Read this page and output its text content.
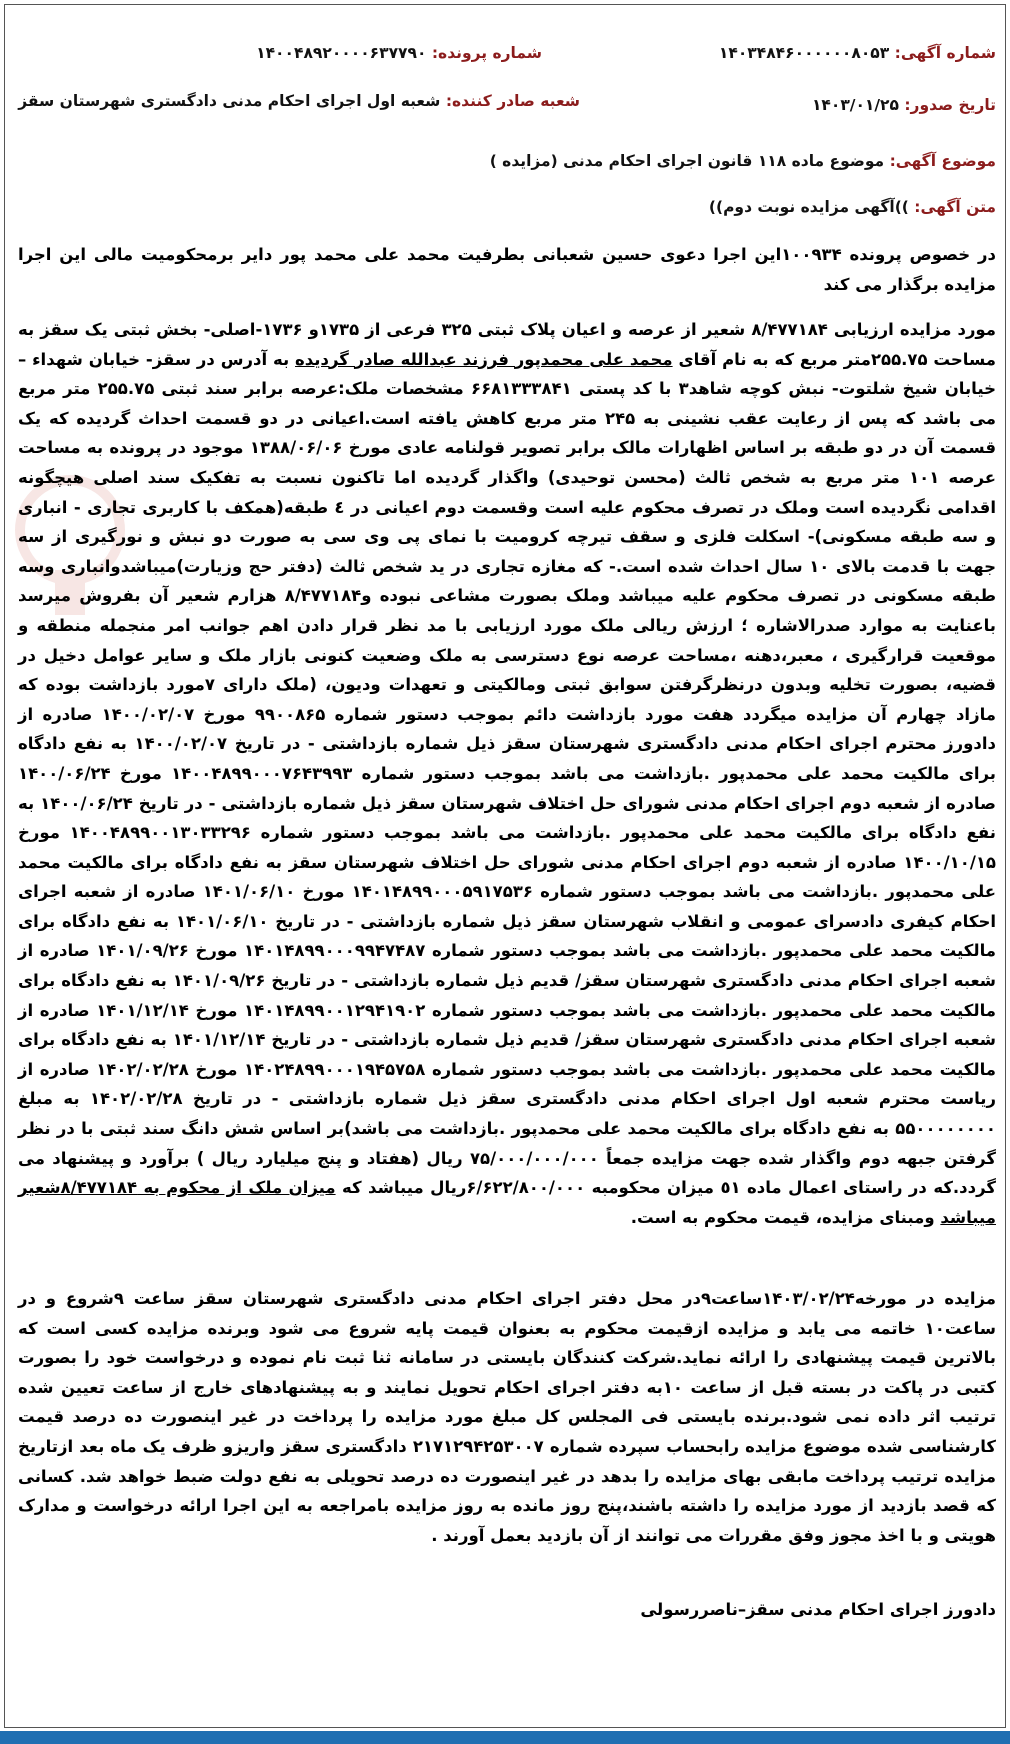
شماره آگهی: ۱۴۰۳۴۸۴۶۰۰۰۰۰۰۸۰۵۳
شماره پرونده: ۱۴۰۰۴۸۹۲۰۰۰۰۶۳۷۷۹۰
تاریخ صدور: ۱۴۰۳/۰۱/۲۵
شعبه صادر کننده: شعبه اول اجرای احکام مدنی دادگستری شهرستان سقز
موضوع آگهی: موضوع ماده ۱۱۸ قانون اجرای احکام مدنی (مزایده )
متن آگهی: ))آگهی مزایده نوبت دوم))
در خصوص پرونده ۱۰۰۹۳۴این اجرا دعوی حسین شعبانی بطرفیت محمد علی محمد پور دایر برمحکومیت مالی این اجرا مزایده برگذار می کند
مورد مزایده ارزیابی ۸/۴۷۷۱۸۴ شعیر از عرصه و اعیان پلاک ثبتی ۳۲۵ فرعی از ۱۷۳۵و ۱۷۳۶-اصلی- بخش ثبتی یک سقز به مساحت ۲۵۵.۷۵متر مربع که به نام آقای محمد علی محمدپور فرزند عبدالله صادر گردیده به آدرس در سقز- خیابان شهداء – خیابان شیخ شلتوت- نبش کوچه شاهد۳ با کد پستی ۶۶۸۱۳۳۳۸۴۱ مشخصات ملک:عرصه برابر سند ثبتی ۲۵۵.۷۵ متر مربع می باشد که پس از رعایت عقب نشینی به ۲۴۵ متر مربع کاهش یافته است.اعیانی در دو قسمت احداث گردیده که یک قسمت آن در دو طبقه بر اساس اظهارات مالک برابر تصویر قولنامه عادی مورخ ۱۳۸۸/۰۶/۰۶ موجود در پرونده به مساحت عرصه ۱۰۱ متر مربع به شخص ثالث (محسن توحیدی) واگذار گردیده اما تاکنون نسبت به تفکیک سند اصلی هیچگونه اقدامی نگردیده است وملک در تصرف محکوم علیه است وقسمت دوم اعیانی در ٤ طبقه(همکف با کاربری تجاری - انباری و سه طبقه مسکونی)- اسکلت فلزی و سقف تیرچه کرومیت با نمای پی وی سی به صورت دو نبش و نورگیری از سه جهت با قدمت بالای ۱۰ سال احداث شده است.- که مغازه تجاری در ید شخص ثالث (دفتر حج وزیارت)میباشدوانباری وسه طبقه مسکونی در تصرف محکوم علیه میباشد وملک بصورت مشاعی نبوده و۸/۴۷۷۱۸۴ هزارم شعیر آن بفروش میرسد باعنایت به موارد صدرالاشاره ؛ ارزش ریالی ملک مورد ارزیابی با مد نظر قرار دادن اهم جوانب امر منجمله منطقه و موقعیت قرارگیری ، معبر،دهنه ،مساحت عرصه نوع دسترسی به ملک وضعیت کنونی بازار ملک و سایر عوامل دخیل در قضیه، بصورت تخلیه وبدون درنظرگرفتن سوابق ثبتی ومالکیتی و تعهدات ودیون، (ملک دارای ۷مورد بازداشت بوده که مازاد چهارم آن مزایده میگردد هفت مورد بازداشت دائم بموجب دستور شماره ۹۹۰۰۸۶۵ مورخ ۱۴۰۰/۰۲/۰۷ صادره از دادورز محترم اجرای احکام مدنی دادگستری شهرستان سقز ذیل شماره بازداشتی - در تاریخ ۱۴۰۰/۰۲/۰۷ به نفع دادگاه برای مالکیت محمد علی محمدپور .بازداشت می باشد بموجب دستور شماره ۱۴۰۰۴۸۹۹۰۰۰۷۶۴۳۹۹۳ مورخ ۱۴۰۰/۰۶/۲۴ صادره از شعبه دوم اجرای احکام مدنی شورای حل اختلاف شهرستان سقز ذیل شماره بازداشتی - در تاریخ ۱۴۰۰/۰۶/۲۴ به نفع دادگاه برای مالکیت محمد علی محمدپور .بازداشت می باشد بموجب دستور شماره ۱۴۰۰۴۸۹۹۰۰۱۳۰۳۳۲۹۶ مورخ ۱۴۰۰/۱۰/۱۵ صادره از شعبه دوم اجرای احکام مدنی شورای حل اختلاف شهرستان سقز به نفع دادگاه برای مالکیت محمد علی محمدپور .بازداشت می باشد بموجب دستور شماره ۱۴۰۱۴۸۹۹۰۰۰۵۹۱۷۵۳۶ مورخ ۱۴۰۱/۰۶/۱۰ صادره از شعبه اجرای احکام کیفری دادسرای عمومی و انقلاب شهرستان سقز ذیل شماره بازداشتی - در تاریخ ۱۴۰۱/۰۶/۱۰ به نفع دادگاه برای مالکیت محمد علی محمدپور .بازداشت می باشد بموجب دستور شماره ۱۴۰۱۴۸۹۹۰۰۰۹۹۴۷۴۸۷ مورخ ۱۴۰۱/۰۹/۲۶ صادره از شعبه اجرای احکام مدنی دادگستری شهرستان سقز/ قدیم ذیل شماره بازداشتی - در تاریخ ۱۴۰۱/۰۹/۲۶ به نفع دادگاه برای مالکیت محمد علی محمدپور .بازداشت می باشد بموجب دستور شماره ۱۴۰۱۴۸۹۹۰۰۱۲۹۴۱۹۰۲ مورخ ۱۴۰۱/۱۲/۱۴ صادره از شعبه اجرای احکام مدنی دادگستری شهرستان سقز/ قدیم ذیل شماره بازداشتی - در تاریخ ۱۴۰۱/۱۲/۱۴ به نفع دادگاه برای مالکیت محمد علی محمدپور .بازداشت می باشد بموجب دستور شماره ۱۴۰۲۴۸۹۹۰۰۰۱۹۴۵۷۵۸ مورخ ۱۴۰۲/۰۲/۲۸ صادره از ریاست محترم شعبه اول اجرای احکام مدنی دادگستری سقز ذیل شماره بازداشتی - در تاریخ ۱۴۰۲/۰۲/۲۸ به مبلغ ۵۵۰۰۰۰۰۰۰۰ به نفع دادگاه برای مالکیت محمد علی محمدپور .بازداشت می باشد)بر اساس شش دانگ سند ثبتی با در نظر گرفتن جبهه دوم واگذار شده جهت مزایده جمعاً ۷۵/۰۰۰/۰۰۰/۰۰۰ ریال (هفتاد و پنج میلیارد ریال ) برآورد و پیشنهاد می گردد.که در راستای اعمال ماده ٥۱ میزان محکومبه ۶/۶۲۲/۸۰۰/۰۰۰ریال میباشد که میزان ملک از محکوم به ۸/۴۷۷۱۸۴شعیر میباشد ومبنای مزایده، قیمت محکوم به است.
مزایده در مورخه۱۴۰۳/۰۲/۲۴ساعت۹در محل دفتر اجرای احکام مدنی دادگستری شهرستان سقز ساعت ۹شروع و در ساعت۱۰ خاتمه می یابد و مزایده ازقیمت محکوم به بعنوان قیمت پایه شروع می شود وبرنده مزایده کسی است که بالاترین قیمت پیشنهادی را ارائه نماید.شرکت کنندگان بایستی در سامانه ثنا ثبت نام نموده و درخواست خود را بصورت کتبی در پاکت در بسته قبل از ساعت ۱۰به دفتر اجرای احکام تحویل نمایند و به پیشنهادهای خارج از ساعت تعیین شده ترتیب اثر داده نمی شود.برنده بایستی فی المجلس کل مبلغ مورد مزایده را پرداخت در غیر اینصورت ده درصد قیمت کارشناسی شده موضوع مزایده رابحساب سپرده شماره ۲۱۷۱۲۹۴۲۵۳۰۰۷ دادگستری سقز واریزو ظرف یک ماه بعد ازتاریخ مزایده ترتیب پرداخت مابقی بهای مزایده را بدهد در غیر اینصورت ده درصد تحویلی به نفع دولت ضبط خواهد شد. کسانی که قصد بازدید از مورد مزایده را داشته باشند،پنج روز مانده به روز مزایده بامراجعه به این اجرا ارائه درخواست و مدارک هویتی و با اخذ مجوز وفق مقررات می توانند از آن بازدید بعمل آورند .
دادورز اجرای احکام مدنی سقز–ناصررسولی
